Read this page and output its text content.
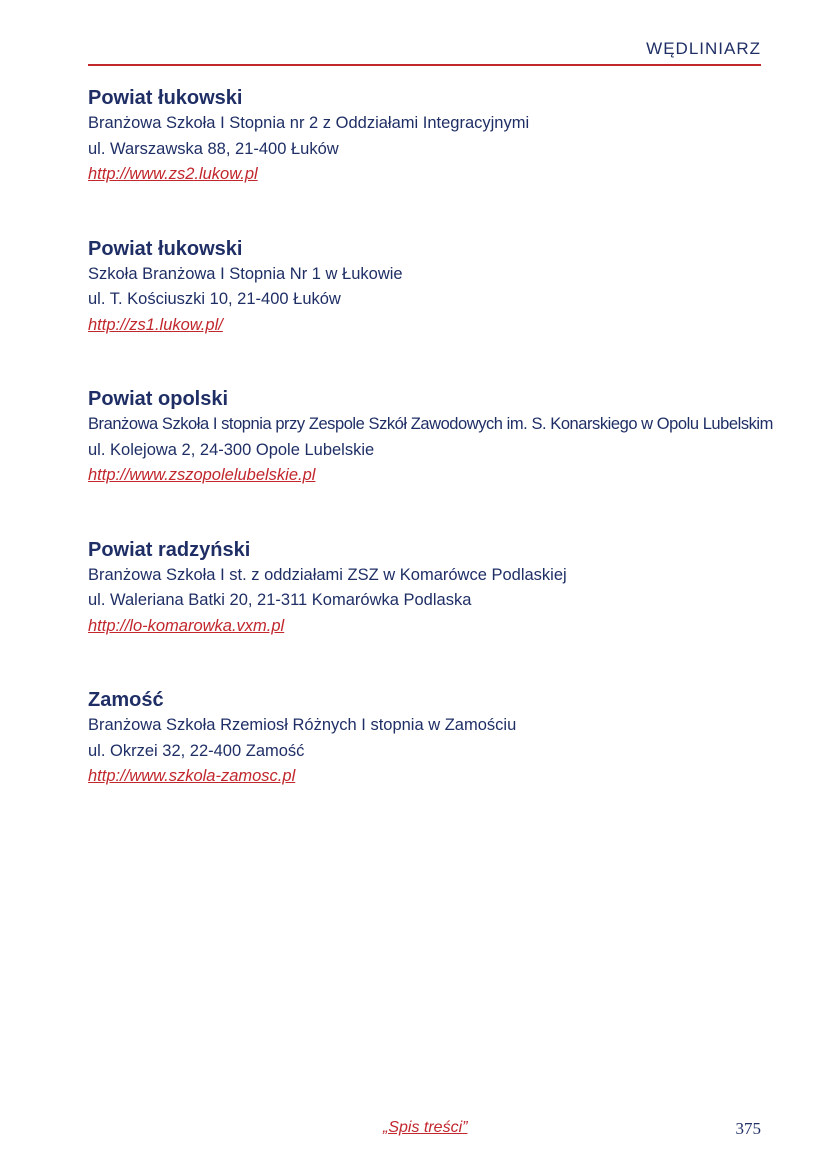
WĘDLINIARZ
Powiat łukowski
Branżowa Szkoła I Stopnia nr 2 z Oddziałami Integracyjnymi
ul. Warszawska 88, 21-400 Łuków
http://www.zs2.lukow.pl
Powiat łukowski
Szkoła Branżowa I Stopnia Nr 1 w Łukowie
ul. T. Kościuszki 10, 21-400 Łuków
http://zs1.lukow.pl/
Powiat opolski
Branżowa Szkoła I stopnia przy Zespole Szkół Zawodowych im. S. Konarskiego w Opolu Lubelskim
ul. Kolejowa 2, 24-300 Opole Lubelskie
http://www.zszopolelubelskie.pl
Powiat radzyński
Branżowa Szkoła I st. z oddziałami ZSZ w Komarówce Podlaskiej
ul. Waleriana Batki 20, 21-311 Komarówka Podlaska
http://lo-komarowka.vxm.pl
Zamość
Branżowa Szkoła Rzemiosł Różnych I stopnia w Zamościu
ul. Okrzei 32, 22-400 Zamość
http://www.szkola-zamosc.pl
„Spis treści”	375
